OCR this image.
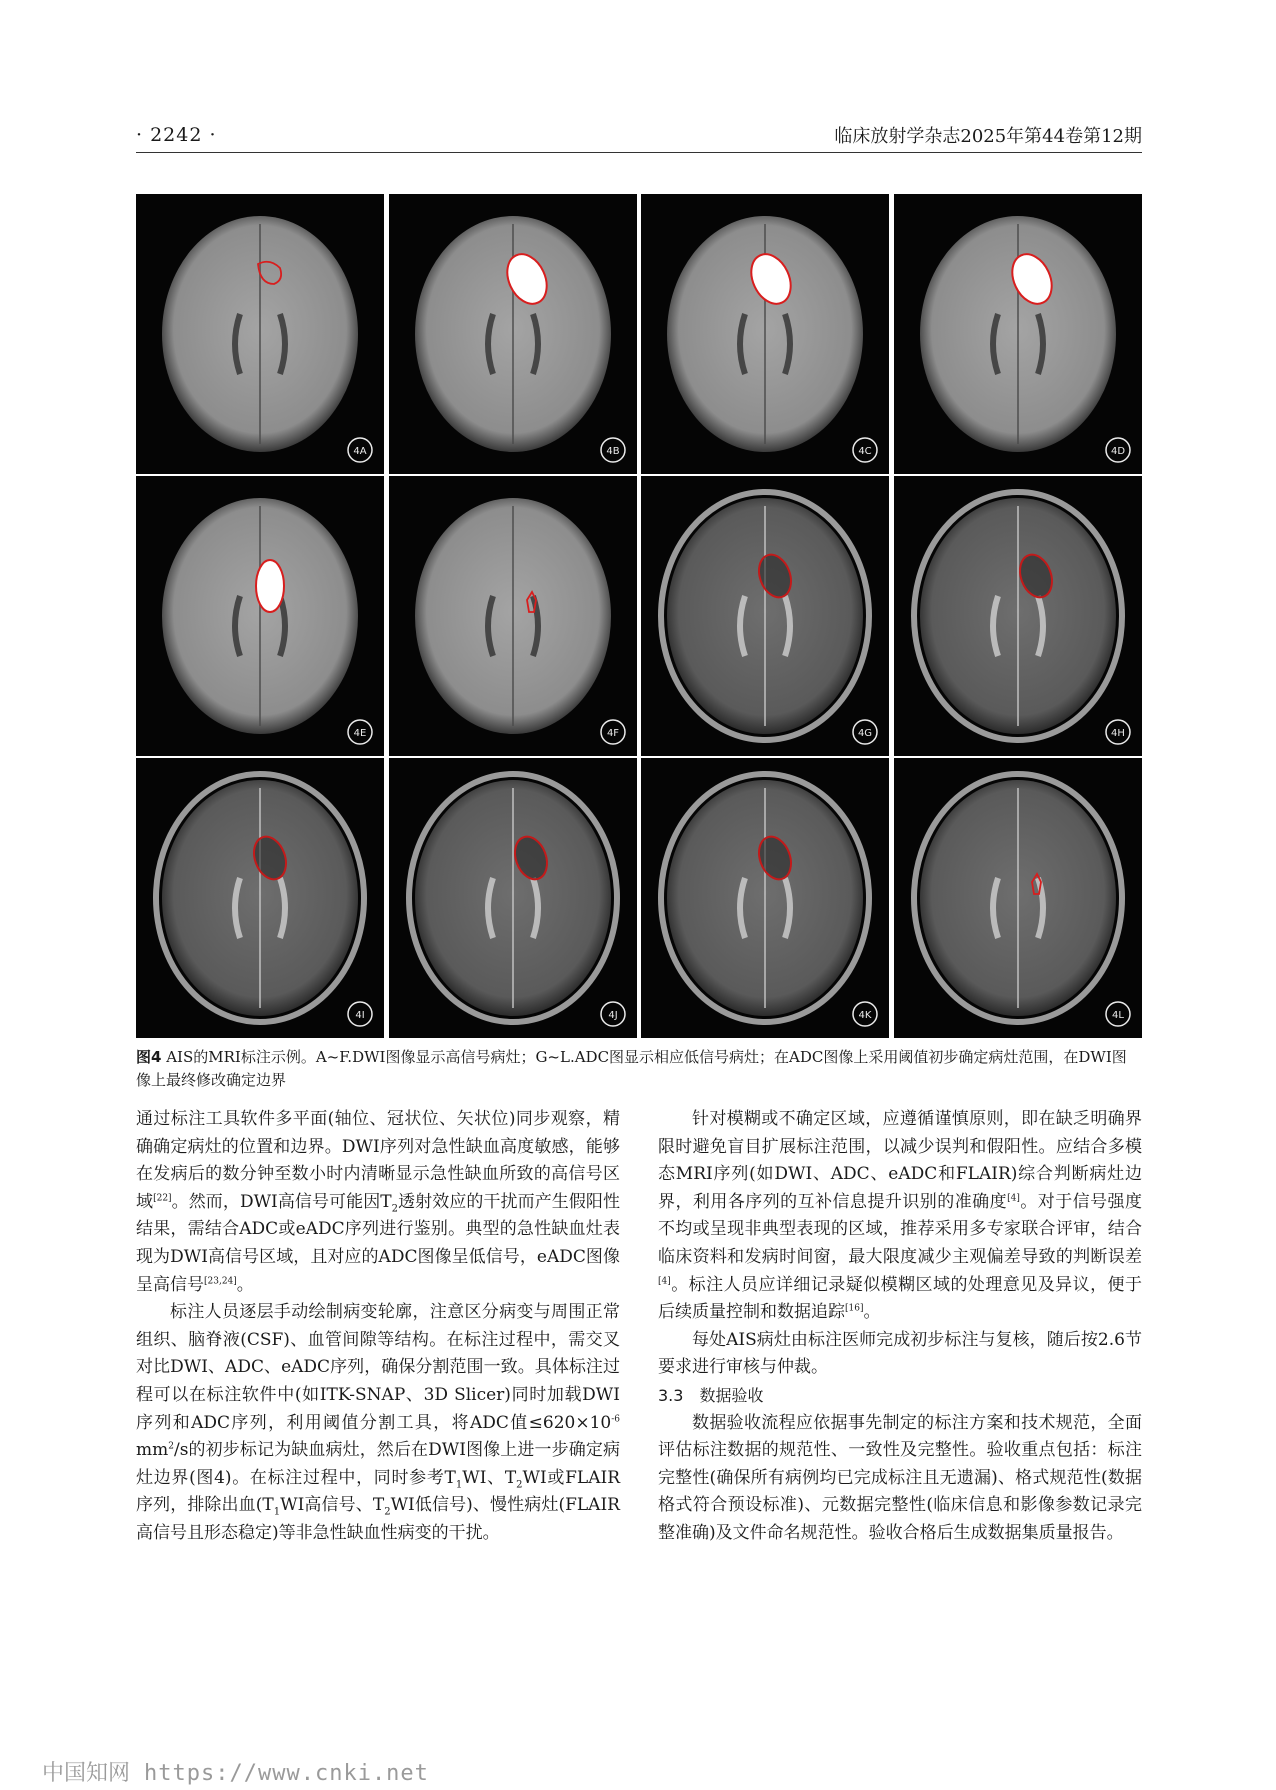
· 2242 ·	临床放射学杂志2025年第44卷第12期
4A	4B	4C	4D
4E	4F	4G	4H
4I	4J	4K	4L
图4 AIS的MRI标注示例。A~F.DWI图像显示高信号病灶；G~L.ADC图显示相应低信号病灶；在ADC图像上采用阈值初步确定病灶范围，在DWI图像上最终修改确定边界

通过标注工具软件多平面(轴位、冠状位、矢状位)同步观察，精确确定病灶的位置和边界。DWI序列对急性缺血高度敏感，能够在发病后的数分钟至数小时内清晰显示急性缺血所致的高信号区域[22]。然而，DWI高信号可能因$T_2$透射效应的干扰而产生假阳性结果，需结合ADC或eADC序列进行鉴别。典型的急性缺血灶表现为DWI高信号区域，且对应的ADC图像呈低信号，eADC图像呈高信号[23,24]。

标注人员逐层手动绘制病变轮廓，注意区分病变与周围正常组织、脑脊液(CSF)、血管间隙等结构。在标注过程中，需交叉对比DWI、ADC、eADC序列，确保分割范围一致。具体标注过程可以在标注软件中(如ITK-SNAP、3D Slicer)同时加载DWI序列和ADC序列，利用阈值分割工具，将ADC值$\le 620\times 10^{-6}$ $mm^2/s$的初步标记为缺血病灶，然后在DWI图像上进一步确定病灶边界(图4)。在标注过程中，同时参考$T_1WI$、$T_2WI$或FLAIR序列，排除出血($T_1WI$高信号、$T_2WI$低信号)、慢性病灶(FLAIR高信号且形态稳定)等非急性缺血性病变的干扰。

针对模糊或不确定区域，应遵循谨慎原则，即在缺乏明确界限时避免盲目扩展标注范围，以减少误判和假阳性。应结合多模态MRI序列(如DWI、ADC、eADC和FLAIR)综合判断病灶边界，利用各序列的互补信息提升识别的准确度[4]。对于信号强度不均或呈现非典型表现的区域，推荐采用多专家联合评审，结合临床资料和发病时间窗，最大限度减少主观偏差导致的判断误差[4]。标注人员应详细记录疑似模糊区域的处理意见及异议，便于后续质量控制和数据追踪[16]。

每处AIS病灶由标注医师完成初步标注与复核，随后按2.6节要求进行审核与仲裁。

3.3　数据验收

数据验收流程应依据事先制定的标注方案和技术规范，全面评估标注数据的规范性、一致性及完整性。验收重点包括：标注完整性(确保所有病例均已完成标注且无遗漏)、格式规范性(数据格式符合预设标准)、元数据完整性(临床信息和影像参数记录完整准确)及文件命名规范性。验收合格后生成数据集质量报告。

中国知网 https://www.cnki.net
